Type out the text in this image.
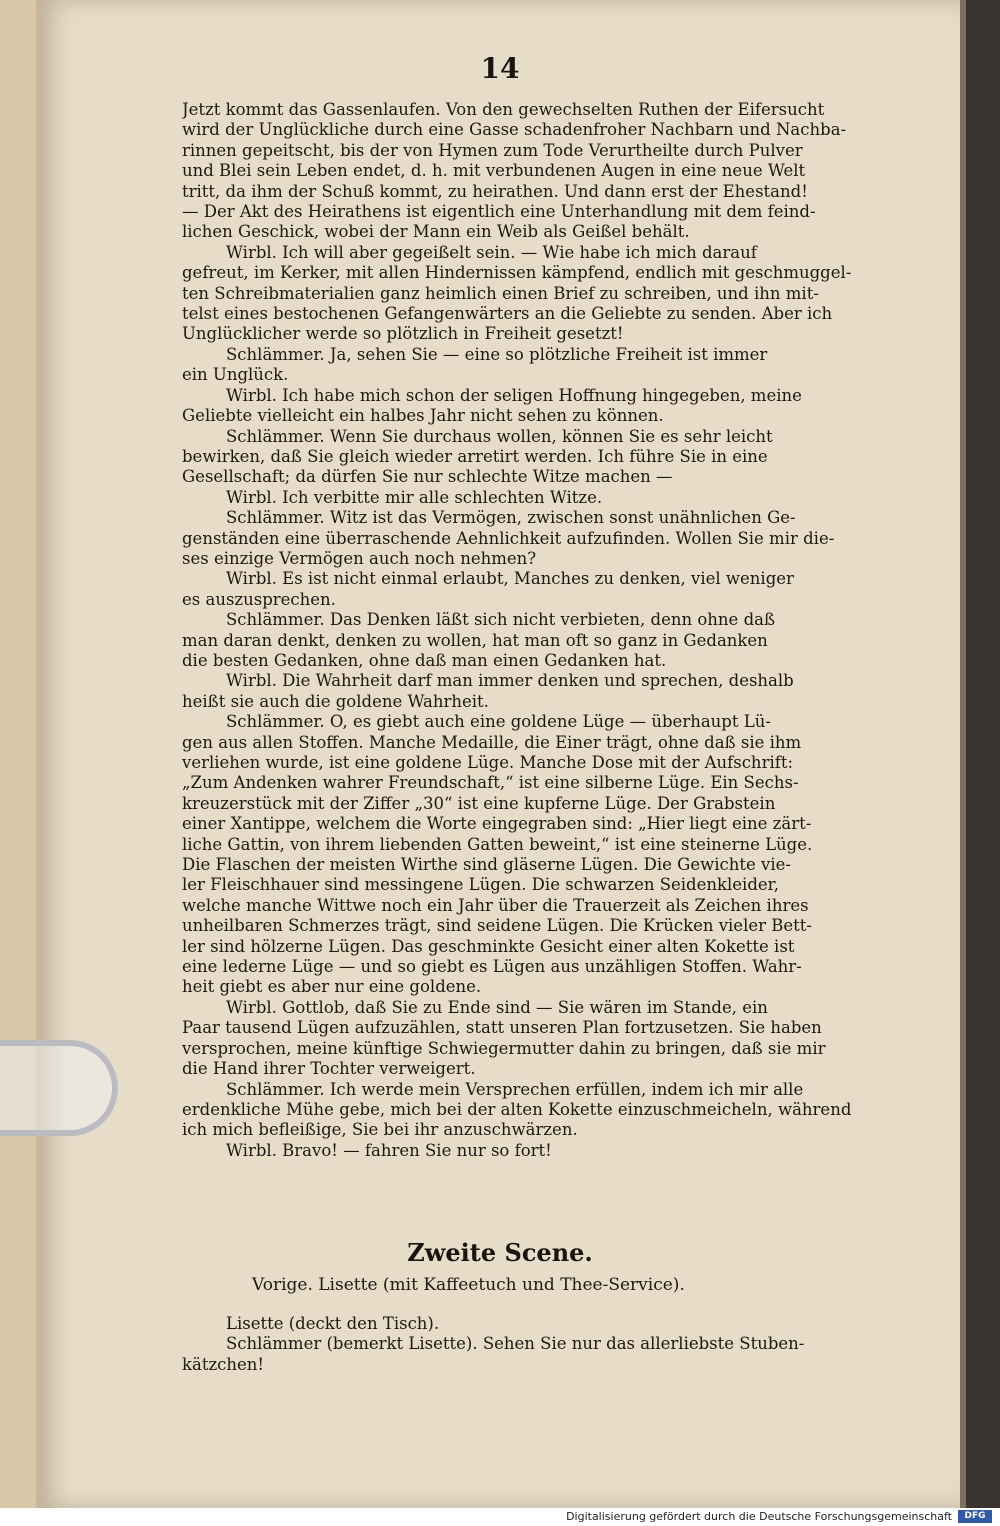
14
Jetzt kommt das Gassenlaufen. Von den gewechselten Ruthen der Eifersucht
wird der Unglückliche durch eine Gasse schadenfroher Nachbarn und Nachba-
rinnen gepeitscht, bis der von Hymen zum Tode Verurtheilte durch Pulver
und Blei sein Leben endet, d. h. mit verbundenen Augen in eine neue Welt
tritt, da ihm der Schuß kommt, zu heirathen. Und dann erst der Ehestand!
— Der Akt des Heirathens ist eigentlich eine Unterhandlung mit dem feind-
lichen Geschick, wobei der Mann ein Weib als Geißel behält.
Wirbl. Ich will aber gegeißelt sein. — Wie habe ich mich darauf
gefreut, im Kerker, mit allen Hindernissen kämpfend, endlich mit geschmuggel-
ten Schreibmaterialien ganz heimlich einen Brief zu schreiben, und ihn mit-
telst eines bestochenen Gefangenwärters an die Geliebte zu senden. Aber ich
Unglücklicher werde so plötzlich in Freiheit gesetzt!
Schlämmer. Ja, sehen Sie — eine so plötzliche Freiheit ist immer
ein Unglück.
Wirbl. Ich habe mich schon der seligen Hoffnung hingegeben, meine
Geliebte vielleicht ein halbes Jahr nicht sehen zu können.
Schlämmer. Wenn Sie durchaus wollen, können Sie es sehr leicht
bewirken, daß Sie gleich wieder arretirt werden. Ich führe Sie in eine
Gesellschaft; da dürfen Sie nur schlechte Witze machen —
Wirbl. Ich verbitte mir alle schlechten Witze.
Schlämmer. Witz ist das Vermögen, zwischen sonst unähnlichen Ge-
genständen eine überraschende Aehnlichkeit aufzufinden. Wollen Sie mir die-
ses einzige Vermögen auch noch nehmen?
Wirbl. Es ist nicht einmal erlaubt, Manches zu denken, viel weniger
es auszusprechen.
Schlämmer. Das Denken läßt sich nicht verbieten, denn ohne daß
man daran denkt, denken zu wollen, hat man oft so ganz in Gedanken
die besten Gedanken, ohne daß man einen Gedanken hat.
Wirbl. Die Wahrheit darf man immer denken und sprechen, deshalb
heißt sie auch die goldene Wahrheit.
Schlämmer. O, es giebt auch eine goldene Lüge — überhaupt Lü-
gen aus allen Stoffen. Manche Medaille, die Einer trägt, ohne daß sie ihm
verliehen wurde, ist eine goldene Lüge. Manche Dose mit der Aufschrift:
„Zum Andenken wahrer Freundschaft,“ ist eine silberne Lüge. Ein Sechs-
kreuzerstück mit der Ziffer „30“ ist eine kupferne Lüge. Der Grabstein
einer Xantippe, welchem die Worte eingegraben sind: „Hier liegt eine zärt-
liche Gattin, von ihrem liebenden Gatten beweint,“ ist eine steinerne Lüge.
Die Flaschen der meisten Wirthe sind gläserne Lügen. Die Gewichte vie-
ler Fleischhauer sind messingene Lügen. Die schwarzen Seidenkleider,
welche manche Wittwe noch ein Jahr über die Trauerzeit als Zeichen ihres
unheilbaren Schmerzes trägt, sind seidene Lügen. Die Krücken vieler Bett-
ler sind hölzerne Lügen. Das geschminkte Gesicht einer alten Kokette ist
eine lederne Lüge — und so giebt es Lügen aus unzähligen Stoffen. Wahr-
heit giebt es aber nur eine goldene.
Wirbl. Gottlob, daß Sie zu Ende sind — Sie wären im Stande, ein
Paar tausend Lügen aufzuzählen, statt unseren Plan fortzusetzen. Sie haben
versprochen, meine künftige Schwiegermutter dahin zu bringen, daß sie mir
die Hand ihrer Tochter verweigert.
Schlämmer. Ich werde mein Versprechen erfüllen, indem ich mir alle
erdenkliche Mühe gebe, mich bei der alten Kokette einzuschmeicheln, während
ich mich befleißige, Sie bei ihr anzuschwärzen.
Wirbl. Bravo! — fahren Sie nur so fort!
Zweite Scene.
Vorige. Lisette (mit Kaffeetuch und Thee-Service).
Lisette (deckt den Tisch).
Schlämmer (bemerkt Lisette). Sehen Sie nur das allerliebste Stuben-
kätzchen!
Digitalisierung gefördert durch die Deutsche Forschungsgemeinschaft	DFG
